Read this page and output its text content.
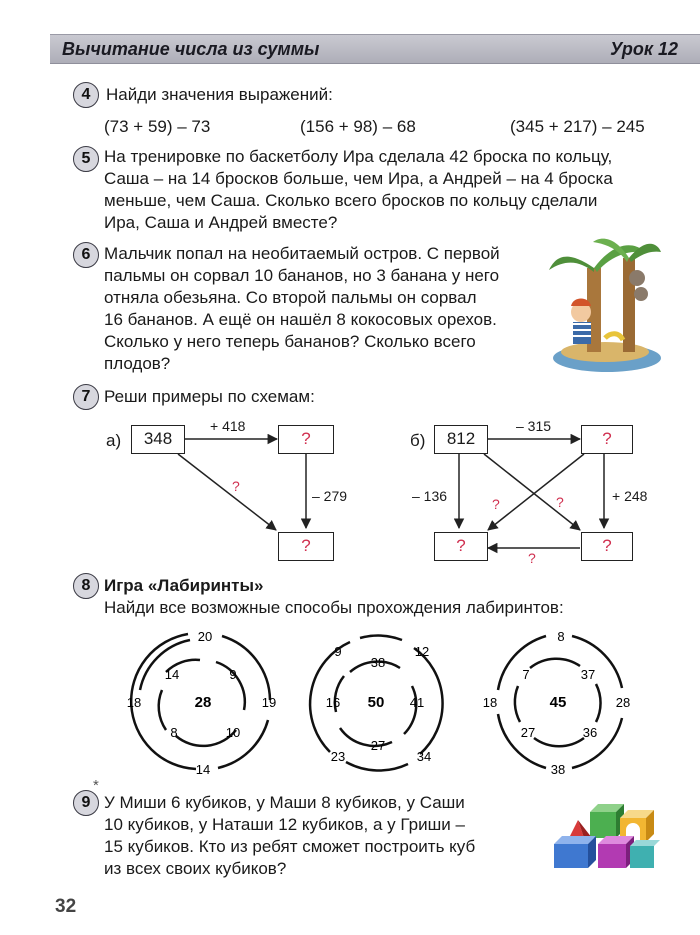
Вычитание числа из суммы	Урок 12
4 Найди значения выражений:
(73 + 59) – 73	(156 + 98) – 68	(345 + 217) – 245
5 На тренировке по баскетболу Ира сделала 42 броска по кольцу,
Саша – на 14 бросков больше, чем Ира, а Андрей – на 4 броска
меньше, чем Саша. Сколько всего бросков по кольцу сделали
Ира, Саша и Андрей вместе?
6 Мальчик попал на необитаемый остров. С первой
пальмы он сорвал 10 бананов, но 3 банана у него
отняла обезьяна. Со второй пальмы он сорвал
16 бананов. А ещё он нашёл 8 кокосовых орехов.
Сколько у него теперь бананов? Сколько всего
плодов?
7 Реши примеры по схемам:
а)	348	?
?
+ 418
– 279
?
б)	812	?
?	?
– 315
– 136	+ 248
?	?
?
8 Игра «Лабиринты»
Найди все возможные способы прохождения лабиринтов:
20
18	19
14
14	9
8	10
28
9	12
23	34
38
16	41
27
50
8
18	28
38
7	37
27	36
45
*
9 У Миши 6 кубиков, у Маши 8 кубиков, у Саши
10 кубиков, у Наташи 12 кубиков, а у Гриши –
15 кубиков. Кто из ребят сможет построить куб
из всех своих кубиков?
32
